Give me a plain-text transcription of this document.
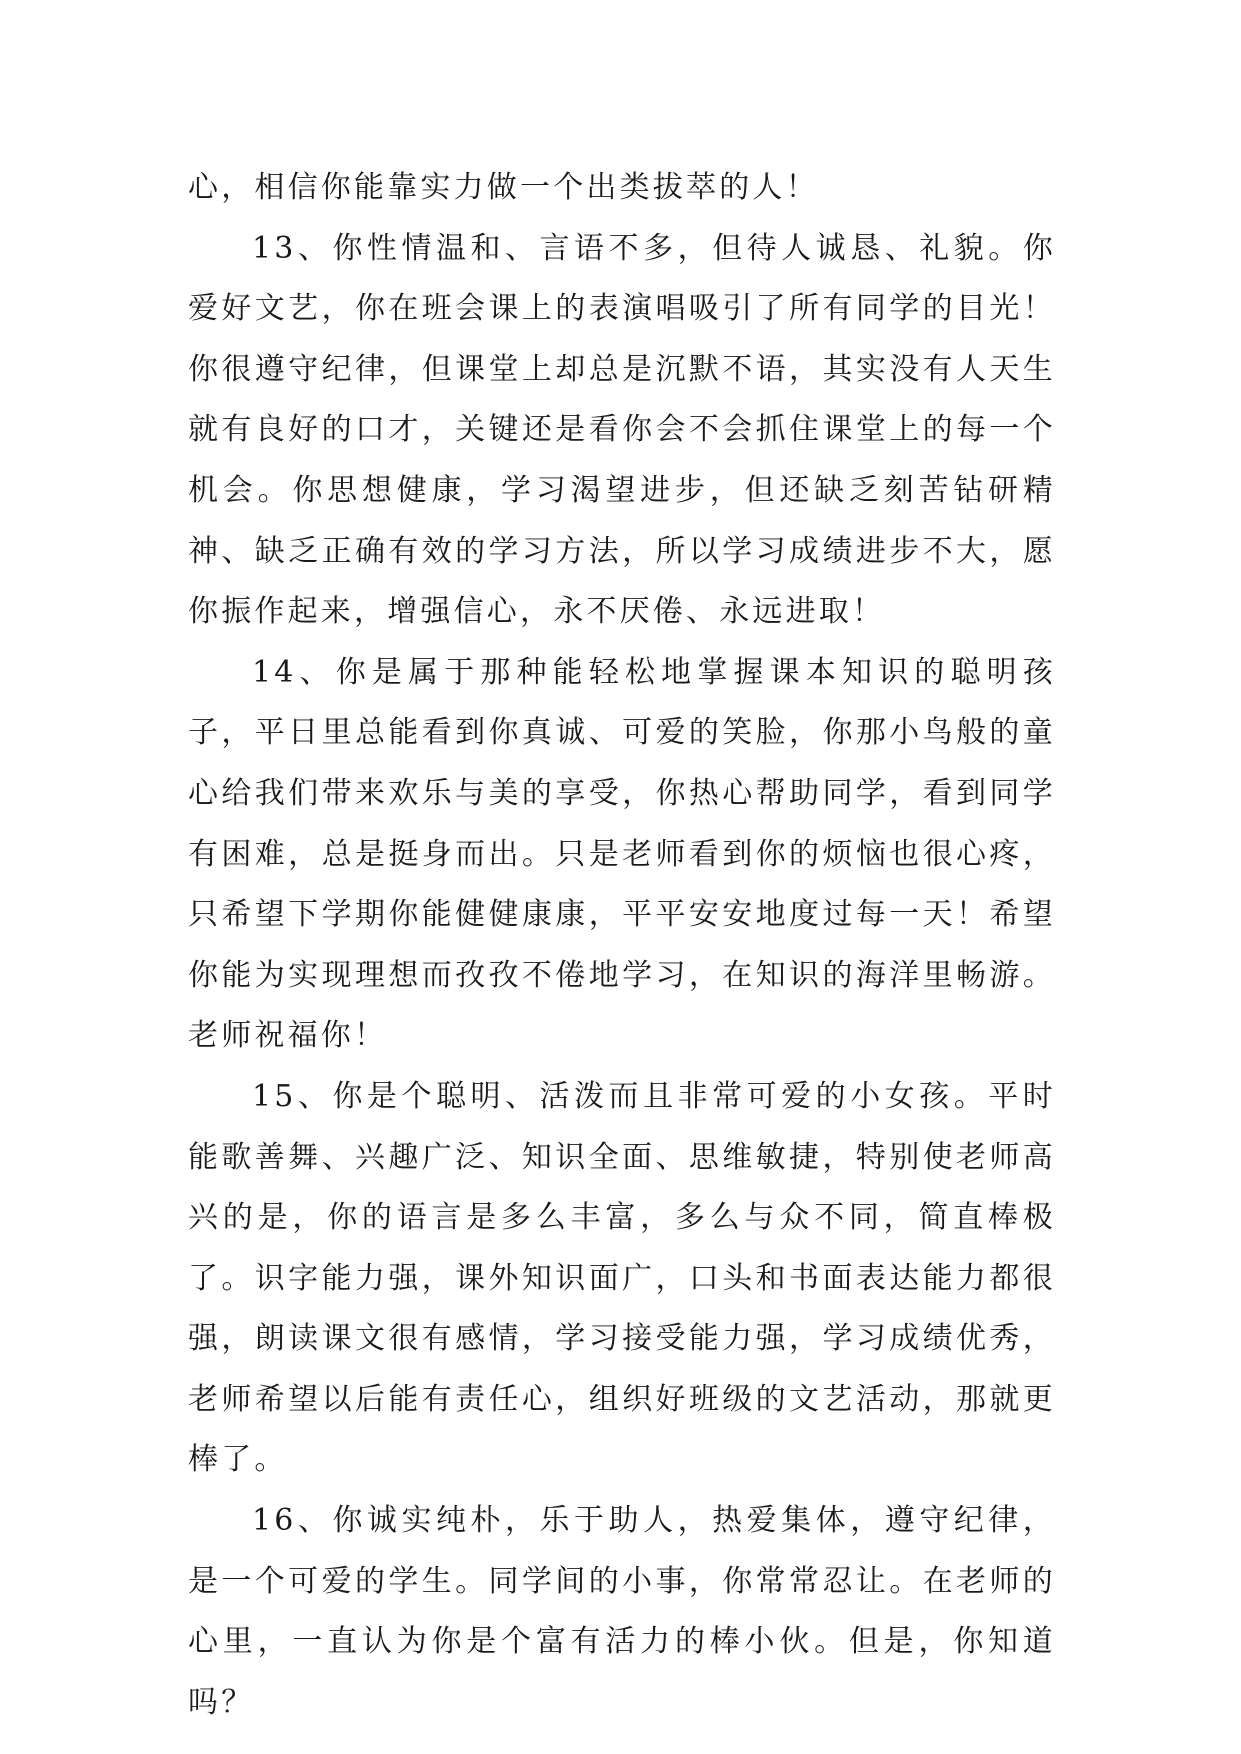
心，相信你能靠实力做一个出类拔萃的人！

13、你性情温和、言语不多，但待人诚恳、礼貌。你爱好文艺，你在班会课上的表演唱吸引了所有同学的目光！你很遵守纪律，但课堂上却总是沉默不语，其实没有人天生就有良好的口才，关键还是看你会不会抓住课堂上的每一个机会。你思想健康，学习渴望进步，但还缺乏刻苦钻研精神、缺乏正确有效的学习方法，所以学习成绩进步不大，愿你振作起来，增强信心，永不厌倦、永远进取！

14、你是属于那种能轻松地掌握课本知识的聪明孩子，平日里总能看到你真诚、可爱的笑脸，你那小鸟般的童心给我们带来欢乐与美的享受，你热心帮助同学，看到同学有困难，总是挺身而出。只是老师看到你的烦恼也很心疼，只希望下学期你能健健康康，平平安安地度过每一天！希望你能为实现理想而孜孜不倦地学习，在知识的海洋里畅游。老师祝福你！

15、你是个聪明、活泼而且非常可爱的小女孩。平时能歌善舞、兴趣广泛、知识全面、思维敏捷，特别使老师高兴的是，你的语言是多么丰富，多么与众不同，简直棒极了。识字能力强，课外知识面广，口头和书面表达能力都很强，朗读课文很有感情，学习接受能力强，学习成绩优秀，老师希望以后能有责任心，组织好班级的文艺活动，那就更棒了。

16、你诚实纯朴，乐于助人，热爱集体，遵守纪律，是一个可爱的学生。同学间的小事，你常常忍让。在老师的心里，一直认为你是个富有活力的棒小伙。但是，你知道吗？
